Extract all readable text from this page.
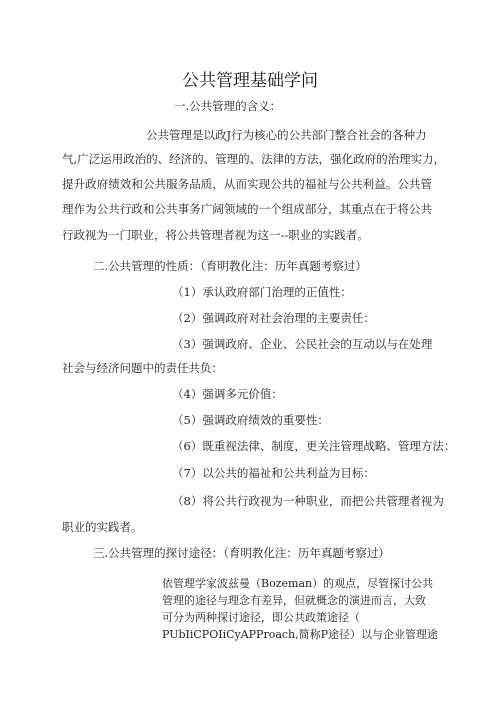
公共管理基础学问
一.公共管理的含义：
公共管理是以政J行为核心的公共部门整合社会的各种力
气,广泛运用政治的、经济的、管理的、法律的方法，强化政府的治理实力，
提升政府绩效和公共服务品质，从而实现公共的福祉与公共利益。公共管
理作为公共行政和公共事务广阔领域的一个组成部分，其重点在于将公共
行政视为一门职业，将公共管理者视为这一--职业的实践者。
二.公共管理的性质：（育明教化注：历年真题考察过）
（1）承认政府部门治理的正值性：
（2）强调政府对社会治理的主要责任：
（3）强调政府、企业、公民社会的互动以与在处理
社会与经济问题中的责任共负：
（4）强调多元价值：
（5）强调政府绩效的重要性：
（6）既重视法律、制度，更关注管理战略、管理方法：
（7）以公共的福祉和公共利益为目标：
（8）将公共行政视为一种职业，而把公共管理者视为
职业的实践者。
三.公共管理的探讨途径：（育明教化注：历年真题考察过）
依管理学家波兹曼（Bozeman）的观点，尽管探讨公共
管理的途径与理念有差异，但就概念的演进而言，大致
可分为两种探讨途径，即公共政策途径（
PUbIiCPOIiCyAPProach,简称P途径）以与企业管理途
